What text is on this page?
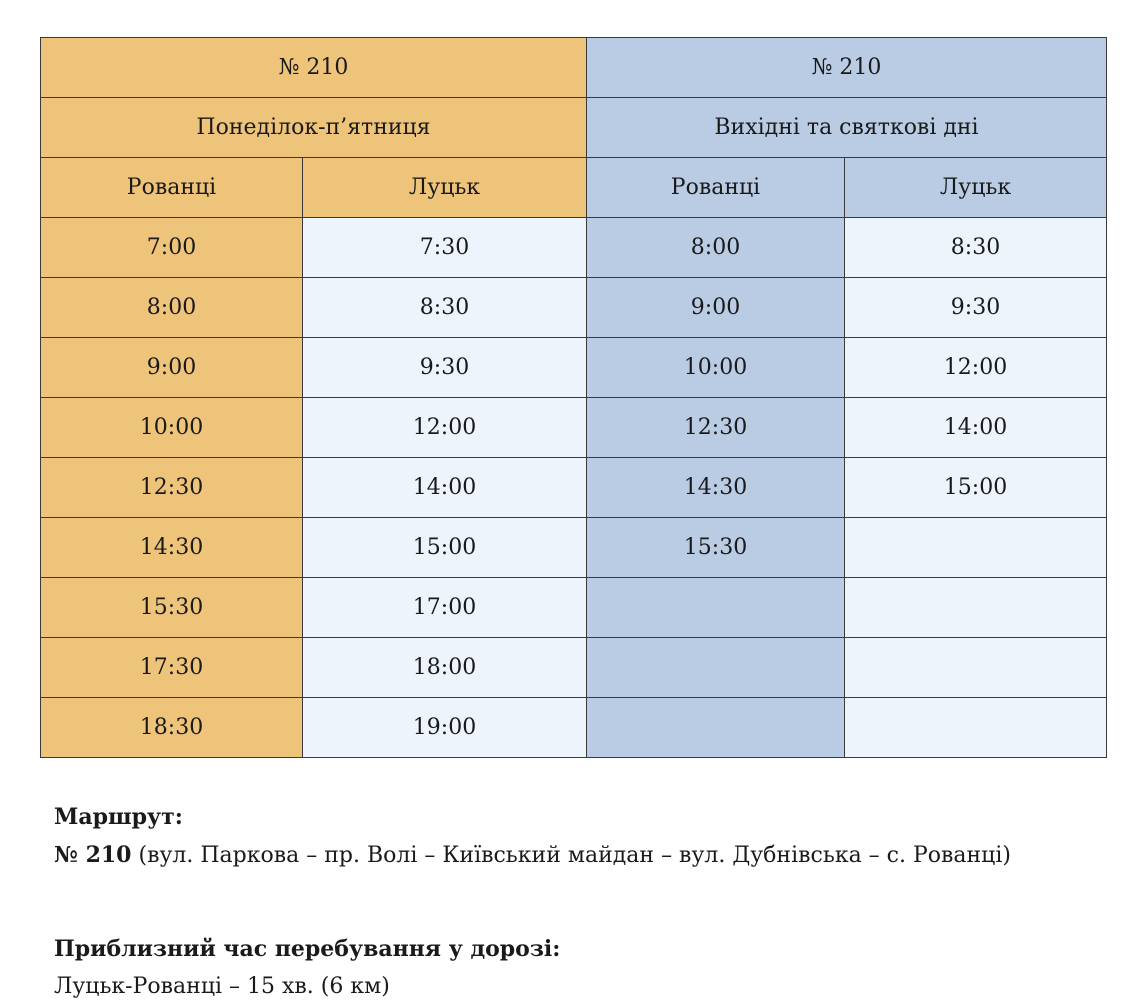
№ 210		№ 210	
Понеділок-п’ятниця		Вихідні та святкові дні	
Рованці	Луцьк	Рованці	Луцьк
7:00	7:30	8:00	8:30
8:00	8:30	9:00	9:30
9:00	9:30	10:00	12:00
10:00	12:00	12:30	14:00
12:30	14:00	14:30	15:00
14:30	15:00	15:30	
15:30	17:00		
17:30	18:00		
18:30	19:00		
Маршрут:
№ 210 (вул. Паркова – пр. Волі – Київський майдан – вул. Дубнівська – с. Рованці)
Приблизний час перебування у дорозі:
Луцьк-Рованці – 15 хв. (6 км)
